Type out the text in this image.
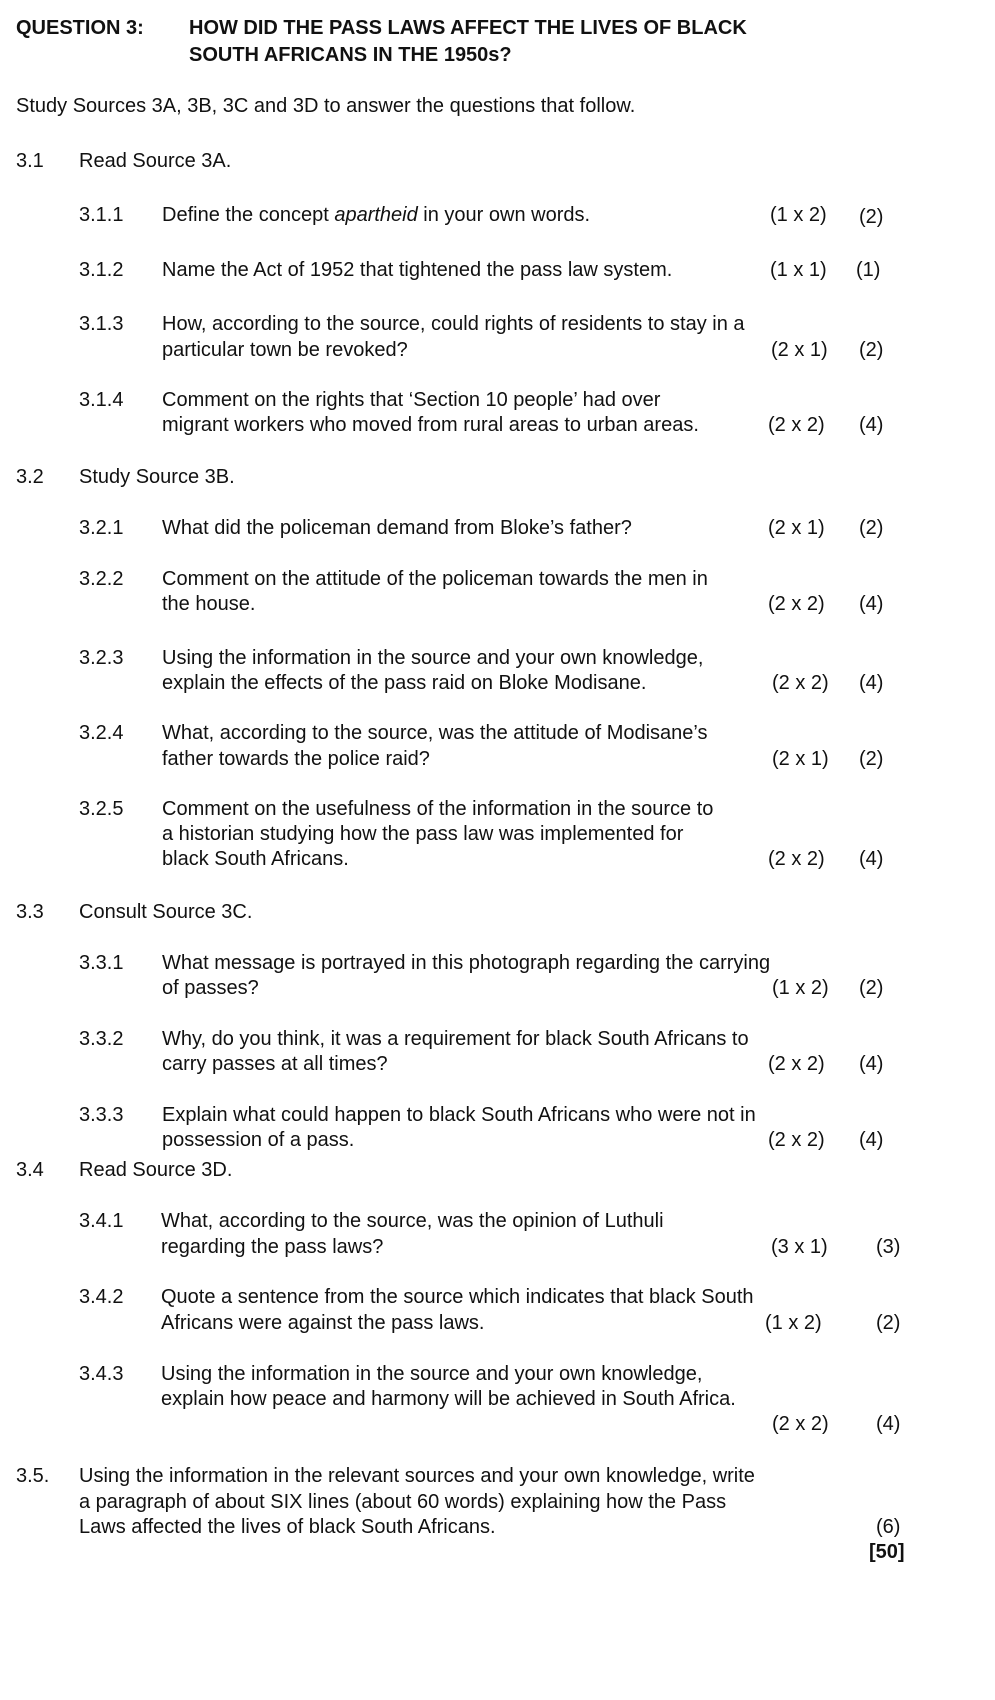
QUESTION 3: HOW DID THE PASS LAWS AFFECT THE LIVES OF BLACK
SOUTH AFRICANS IN THE 1950s?
Study Sources 3A, 3B, 3C and 3D to answer the questions that follow.
3.1 Read Source 3A.
3.1.1 Define the concept apartheid in your own words.	(1 x 2) (2)
3.1.2 Name the Act of 1952 that tightened the pass law system.	(1 x 1) (1)
3.1.3 How, according to the source, could rights of residents to stay in a
particular town be revoked?	(2 x 1) (2)
3.1.4 Comment on the rights that ‘Section 10 people’ had over
migrant workers who moved from rural areas to urban areas.	(2 x 2) (4)
3.2 Study Source 3B.
3.2.1 What did the policeman demand from Bloke’s father?	(2 x 1) (2)
3.2.2 Comment on the attitude of the policeman towards the men in
the house.	(2 x 2) (4)
3.2.3 Using the information in the source and your own knowledge,
explain the effects of the pass raid on Bloke Modisane.	(2 x 2) (4)
3.2.4 What, according to the source, was the attitude of Modisane’s
father towards the police raid?	(2 x 1) (2)
3.2.5 Comment on the usefulness of the information in the source to
a historian studying how the pass law was implemented for
black South Africans.	(2 x 2) (4)
3.3 Consult Source 3C.
3.3.1 What message is portrayed in this photograph regarding the carrying
of passes?	(1 x 2) (2)
3.3.2 Why, do you think, it was a requirement for black South Africans to
carry passes at all times?	(2 x 2) (4)
3.3.3 Explain what could happen to black South Africans who were not in
possession of a pass.	(2 x 2) (4)
3.4 Read Source 3D.
3.4.1 What, according to the source, was the opinion of Luthuli
regarding the pass laws?	(3 x 1) (3)
3.4.2 Quote a sentence from the source which indicates that black South
Africans were against the pass laws.	(1 x 2)	(2)
3.4.3 Using the information in the source and your own knowledge,
explain how peace and harmony will be achieved in South Africa.
(2 x 2) (4)
3.5. Using the information in the relevant sources and your own knowledge, write
a paragraph of about SIX lines (about 60 words) explaining how the Pass
Laws affected the lives of black South Africans.	(6)
[50]
